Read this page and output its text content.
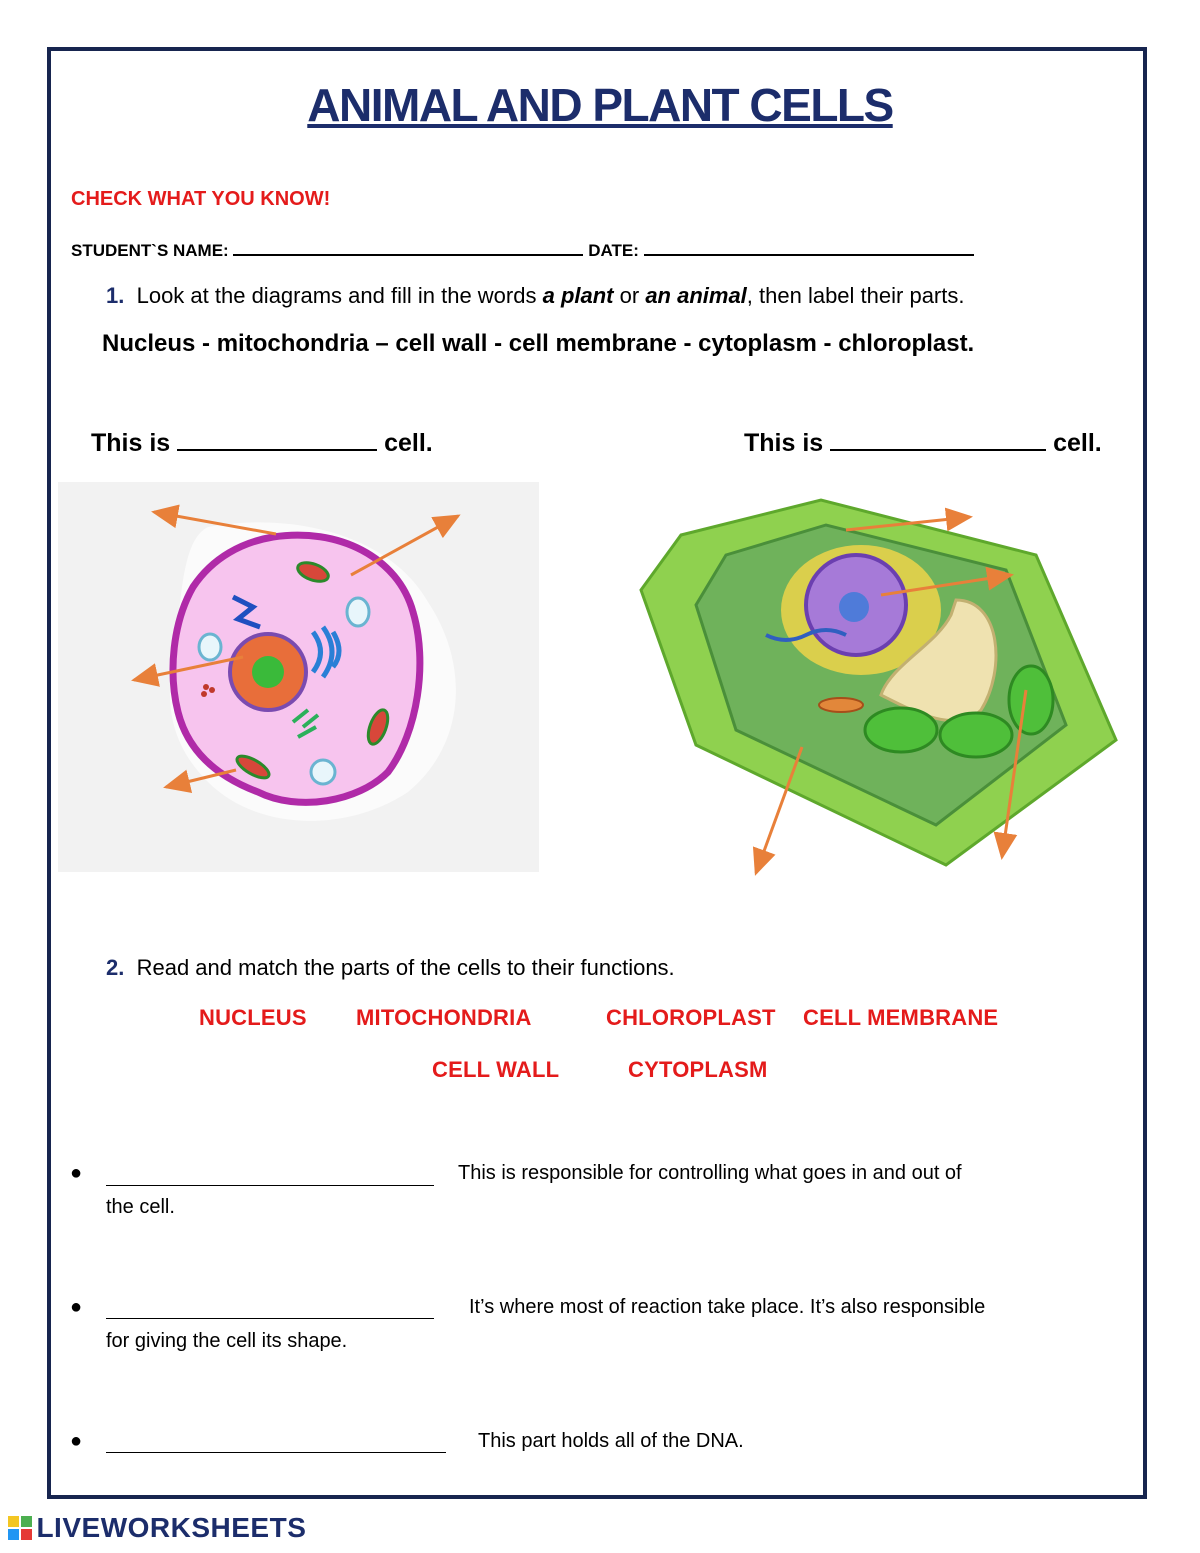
ANIMAL AND PLANT CELLS
CHECK WHAT YOU KNOW!
STUDENT`S NAME:	DATE:
1. Look at the diagrams and fill in the words a plant or an animal, then label their parts.
Nucleus - mitochondria – cell wall - cell membrane - cytoplasm - chloroplast.
This is	cell.	This is	cell.
2. Read and match the parts of the cells to their functions.
NUCLEUS MITOCHONDRIA	CHLOROPLAST CELL MEMBRANE
CELL WALL	CYTOPLASM
●	This is responsible for controlling what goes in and out of
the cell.
●	It’s where most of reaction take place. It’s also responsible
for giving the cell its shape.
●	This part holds all of the DNA.
LIVEWORKSHEETS
